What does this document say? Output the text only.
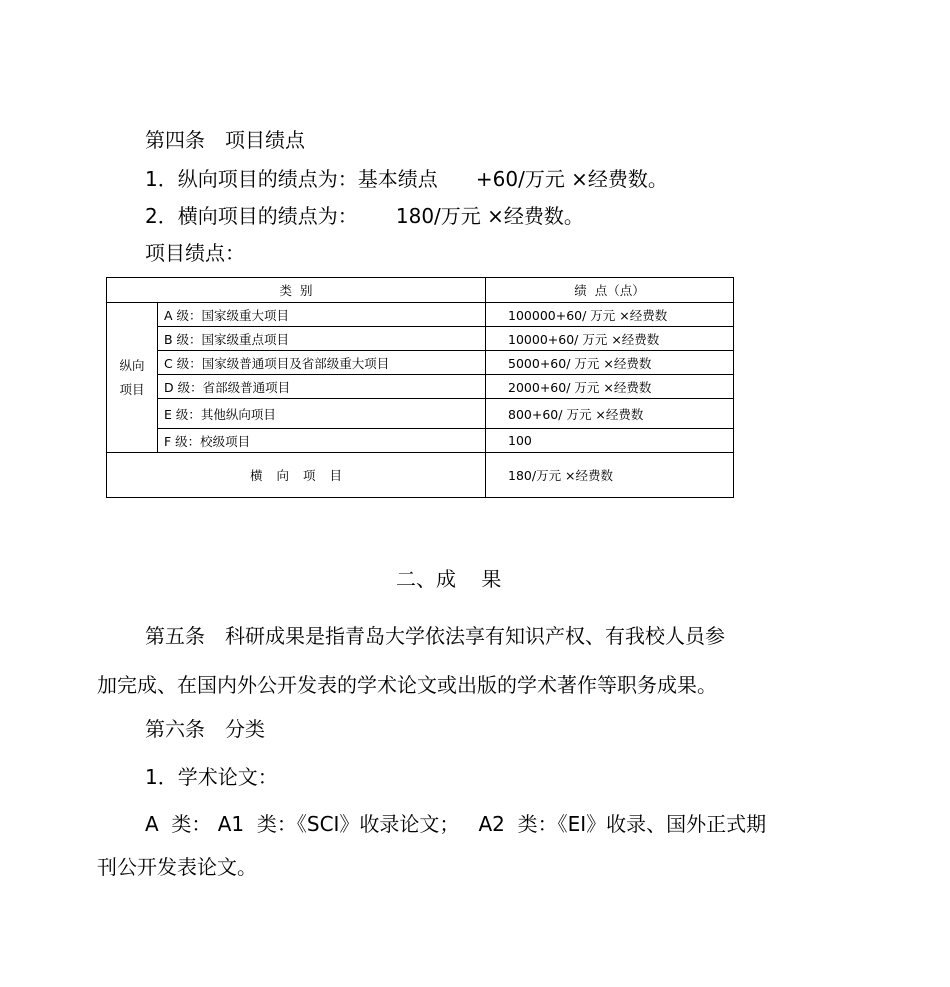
第四条　项目绩点
1．纵向项目的绩点为：基本绩点      +60/万元 ×经费数。
2．横向项目的绩点为：      180/万元 ×经费数。
项目绩点：
类  别		绩  点（点）

纵向
项目	A 级：国家级重大项目	100000+60/ 万元 ×经费数
	B 级：国家级重点项目	10000+60/ 万元 ×经费数
	C 级：国家级普通项目及省部级重大项目	5000+60/ 万元 ×经费数
	D 级：省部级普通项目	2000+60/ 万元 ×经费数
	E 级：其他纵向项目	800+60/ 万元 ×经费数
	F 级：校级项目	100
横 向 项 目		180/万元 ×经费数
二、成    果
第五条　科研成果是指青岛大学依法享有知识产权、有我校人员参
加完成、在国内外公开发表的学术论文或出版的学术著作等职务成果。
第六条　分类
1．学术论文：
A  类： A1  类：《SCI》收录论文；   A2  类：《EI》收录、国外正式期
刊公开发表论文。
